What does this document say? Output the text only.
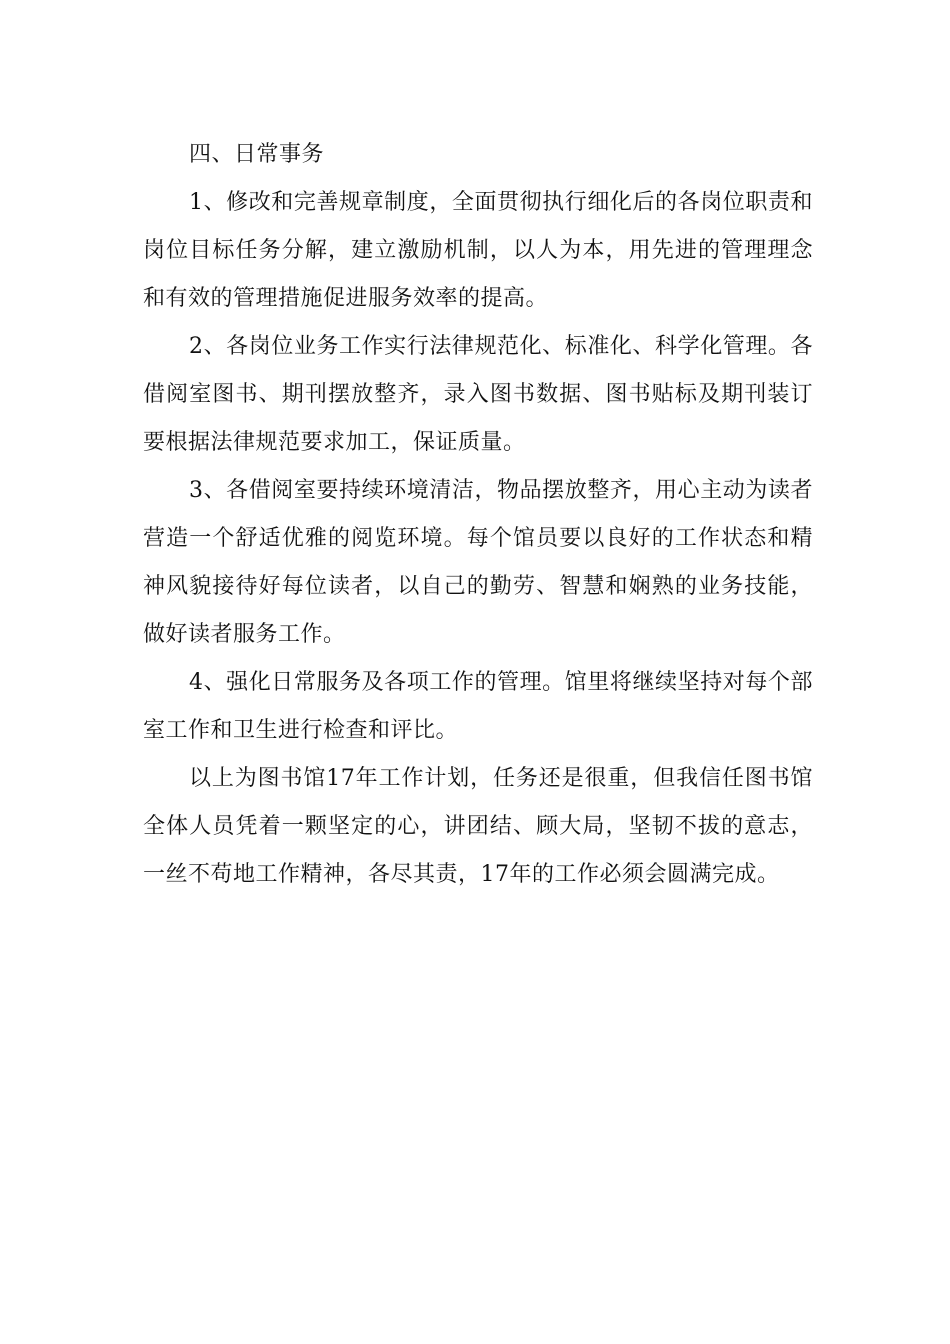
四、日常事务

1、修改和完善规章制度，全面贯彻执行细化后的各岗位职责和岗位目标任务分解，建立激励机制，以人为本，用先进的管理理念和有效的管理措施促进服务效率的提高。

2、各岗位业务工作实行法律规范化、标准化、科学化管理。各借阅室图书、期刊摆放整齐，录入图书数据、图书贴标及期刊装订要根据法律规范要求加工，保证质量。

3、各借阅室要持续环境清洁，物品摆放整齐，用心主动为读者营造一个舒适优雅的阅览环境。每个馆员要以良好的工作状态和精神风貌接待好每位读者，以自己的勤劳、智慧和娴熟的业务技能，做好读者服务工作。

4、强化日常服务及各项工作的管理。馆里将继续坚持对每个部室工作和卫生进行检查和评比。

以上为图书馆17年工作计划，任务还是很重，但我信任图书馆全体人员凭着一颗坚定的心，讲团结、顾大局，坚韧不拔的意志，一丝不苟地工作精神，各尽其责，17年的工作必须会圆满完成。
